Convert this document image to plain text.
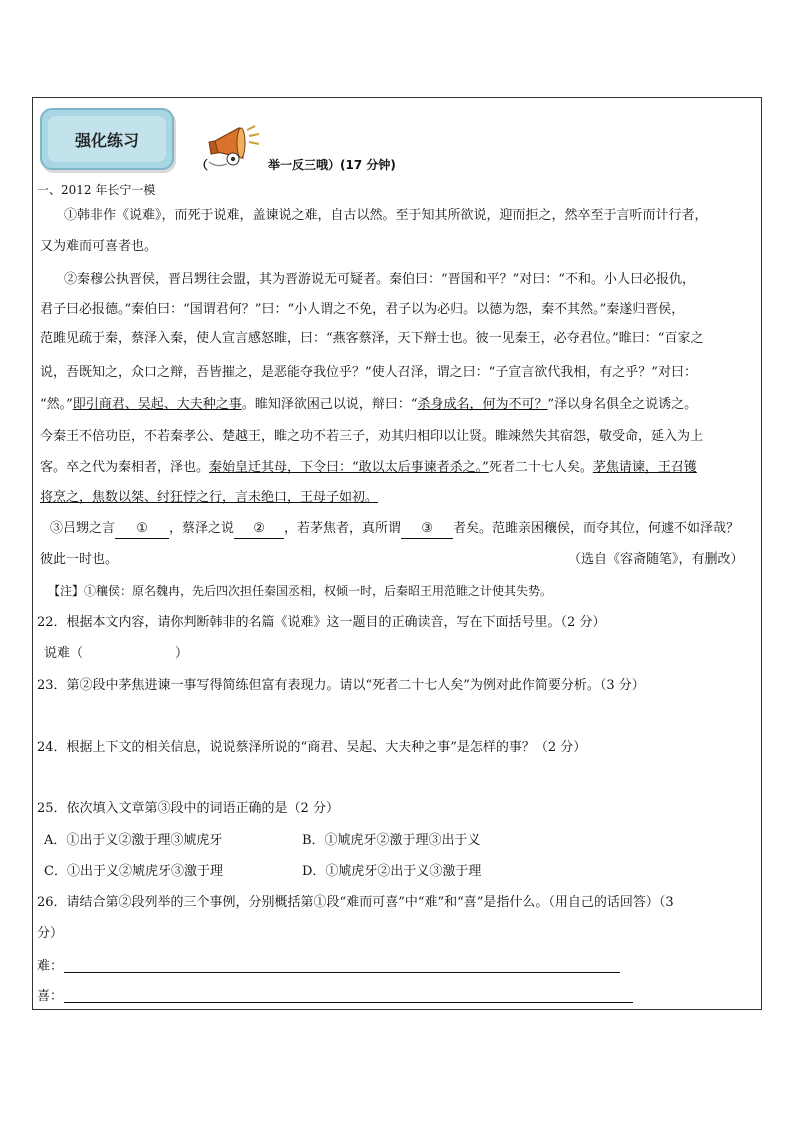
强化练习
（	举一反三哦）(17 分钟)
一、2012 年长宁一模
①韩非作《说难》，而死于说难，盖谏说之难，自古以然。至于知其所欲说，迎而拒之，然卒至于言听而计行者，
又为难而可喜者也。
②秦穆公执晋侯，晋吕甥往会盟，其为晋游说无可疑者。秦伯曰：“晋国和平？”对曰：“不和。小人曰必报仇，
君子曰必报德。”秦伯曰：“国谓君何？”曰：“小人谓之不免，君子以为必归。以德为怨，秦不其然。”秦遂归晋侯，
范雎见疏于秦，蔡泽入秦，使人宣言感怒睢，曰：“燕客蔡泽，天下辩士也。彼一见秦王，必夺君位。”睢曰：“百家之
说，吾既知之，众口之辩，吾皆摧之，是恶能夺我位乎？”使人召泽，谓之曰：“子宣言欲代我相，有之乎？”对曰：
“然。”即引商君、吴起、大夫种之事。睢知泽欲困己以说，辩曰：“杀身成名，何为不可？”泽以身名俱全之说诱之。
今秦王不倍功臣，不若秦孝公、楚越王，睢之功不若三子，劝其归相印以让贤。睢竦然失其宿怨，敬受命，延入为上
客。卒之代为秦相者，泽也。秦始皇迁其母，下令曰：“敢以太后事谏者杀之。”死者二十七人矣。茅焦请谏，王召镬
将烹之，焦数以桀、纣狂悖之行，言未绝口，王母子如初。
③吕甥之言 ① ，蔡泽之说 ② ，若茅焦者，真所谓 ③ 者矣。范雎亲困穰侯，而夺其位，何遽不如泽哉？
彼此一时也。	（选自《容斋随笔》，有删改）
【注】①穰侯：原名魏冉，先后四次担任秦国丞相，权倾一时，后秦昭王用范睢之计使其失势。
22．根据本文内容，请你判断韩非的名篇《说难》这一题目的正确读音，写在下面括号里。（2 分）
说难（	）
23．第②段中茅焦进谏一事写得简练但富有表现力。请以“死者二十七人矣”为例对此作简要分析。（3 分）
24．根据上下文的相关信息，说说蔡泽所说的“商君、吴起、大夫种之事”是怎样的事？（2 分）
25．依次填入文章第③段中的词语正确的是（2 分）
A．①出于义②激于理③虓虎牙	B．①虓虎牙②激于理③出于义
C．①出于义②虓虎牙③激于理	D．①虓虎牙②出于义③激于理
26．请结合第②段列举的三个事例，分别概括第①段“难而可喜”中“难”和“喜”是指什么。（用自己的话回答）（3
分）
难：
喜：
